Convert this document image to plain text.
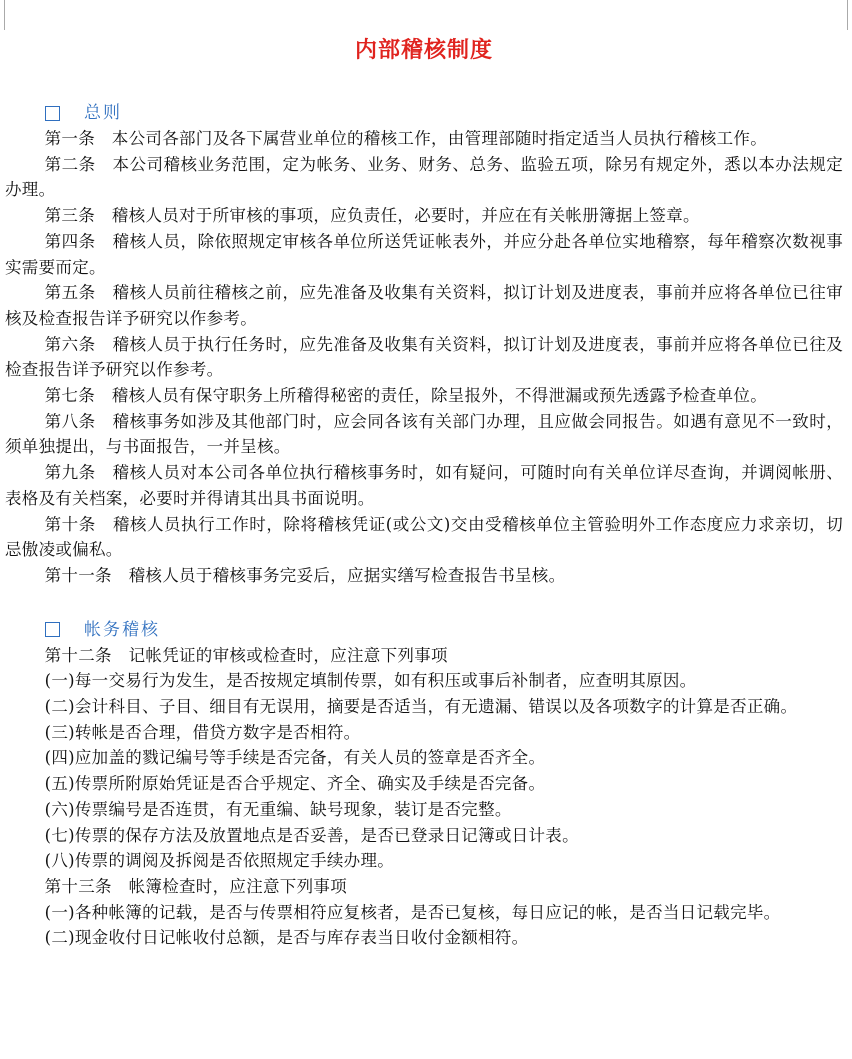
内部稽核制度
总则

第一条　本公司各部门及各下属营业单位的稽核工作，由管理部随时指定适当人员执行稽核工作。

第二条　本公司稽核业务范围，定为帐务、业务、财务、总务、监验五项，除另有规定外，悉以本办法规定办理。

第三条　稽核人员对于所审核的事项，应负责任，必要时，并应在有关帐册簿据上签章。

第四条　稽核人员，除依照规定审核各单位所送凭证帐表外，并应分赴各单位实地稽察，每年稽察次数视事实需要而定。

第五条　稽核人员前往稽核之前，应先准备及收集有关资料，拟订计划及进度表，事前并应将各单位已往审核及检查报告详予研究以作参考。

第六条　稽核人员于执行任务时，应先准备及收集有关资料，拟订计划及进度表，事前并应将各单位已往及检查报告详予研究以作参考。

第七条　稽核人员有保守职务上所稽得秘密的责任，除呈报外，不得泄漏或预先透露予检查单位。

第八条　稽核事务如涉及其他部门时，应会同各该有关部门办理，且应做会同报告。如遇有意见不一致时，须单独提出，与书面报告，一并呈核。

第九条　稽核人员对本公司各单位执行稽核事务时，如有疑问，可随时向有关单位详尽查询，并调阅帐册、表格及有关档案，必要时并得请其出具书面说明。

第十条　稽核人员执行工作时，除将稽核凭证(或公文)交由受稽核单位主管验明外工作态度应力求亲切，切忌傲凌或偏私。

第十一条　稽核人员于稽核事务完妥后，应据实缮写检查报告书呈核。

帐务稽核

第十二条　记帐凭证的审核或检查时，应注意下列事项

(一)每一交易行为发生，是否按规定填制传票，如有积压或事后补制者，应查明其原因。

(二)会计科目、子目、细目有无误用，摘要是否适当，有无遗漏、错误以及各项数字的计算是否正确。

(三)转帐是否合理，借贷方数字是否相符。

(四)应加盖的戮记编号等手续是否完备，有关人员的签章是否齐全。

(五)传票所附原始凭证是否合乎规定、齐全、确实及手续是否完备。

(六)传票编号是否连贯，有无重编、缺号现象，装订是否完整。

(七)传票的保存方法及放置地点是否妥善，是否已登录日记簿或日计表。

(八)传票的调阅及拆阅是否依照规定手续办理。

第十三条　帐簿检查时，应注意下列事项

(一)各种帐簿的记载，是否与传票相符应复核者，是否已复核，每日应记的帐，是否当日记载完毕。

(二)现金收付日记帐收付总额，是否与库存表当日收付金额相符。
